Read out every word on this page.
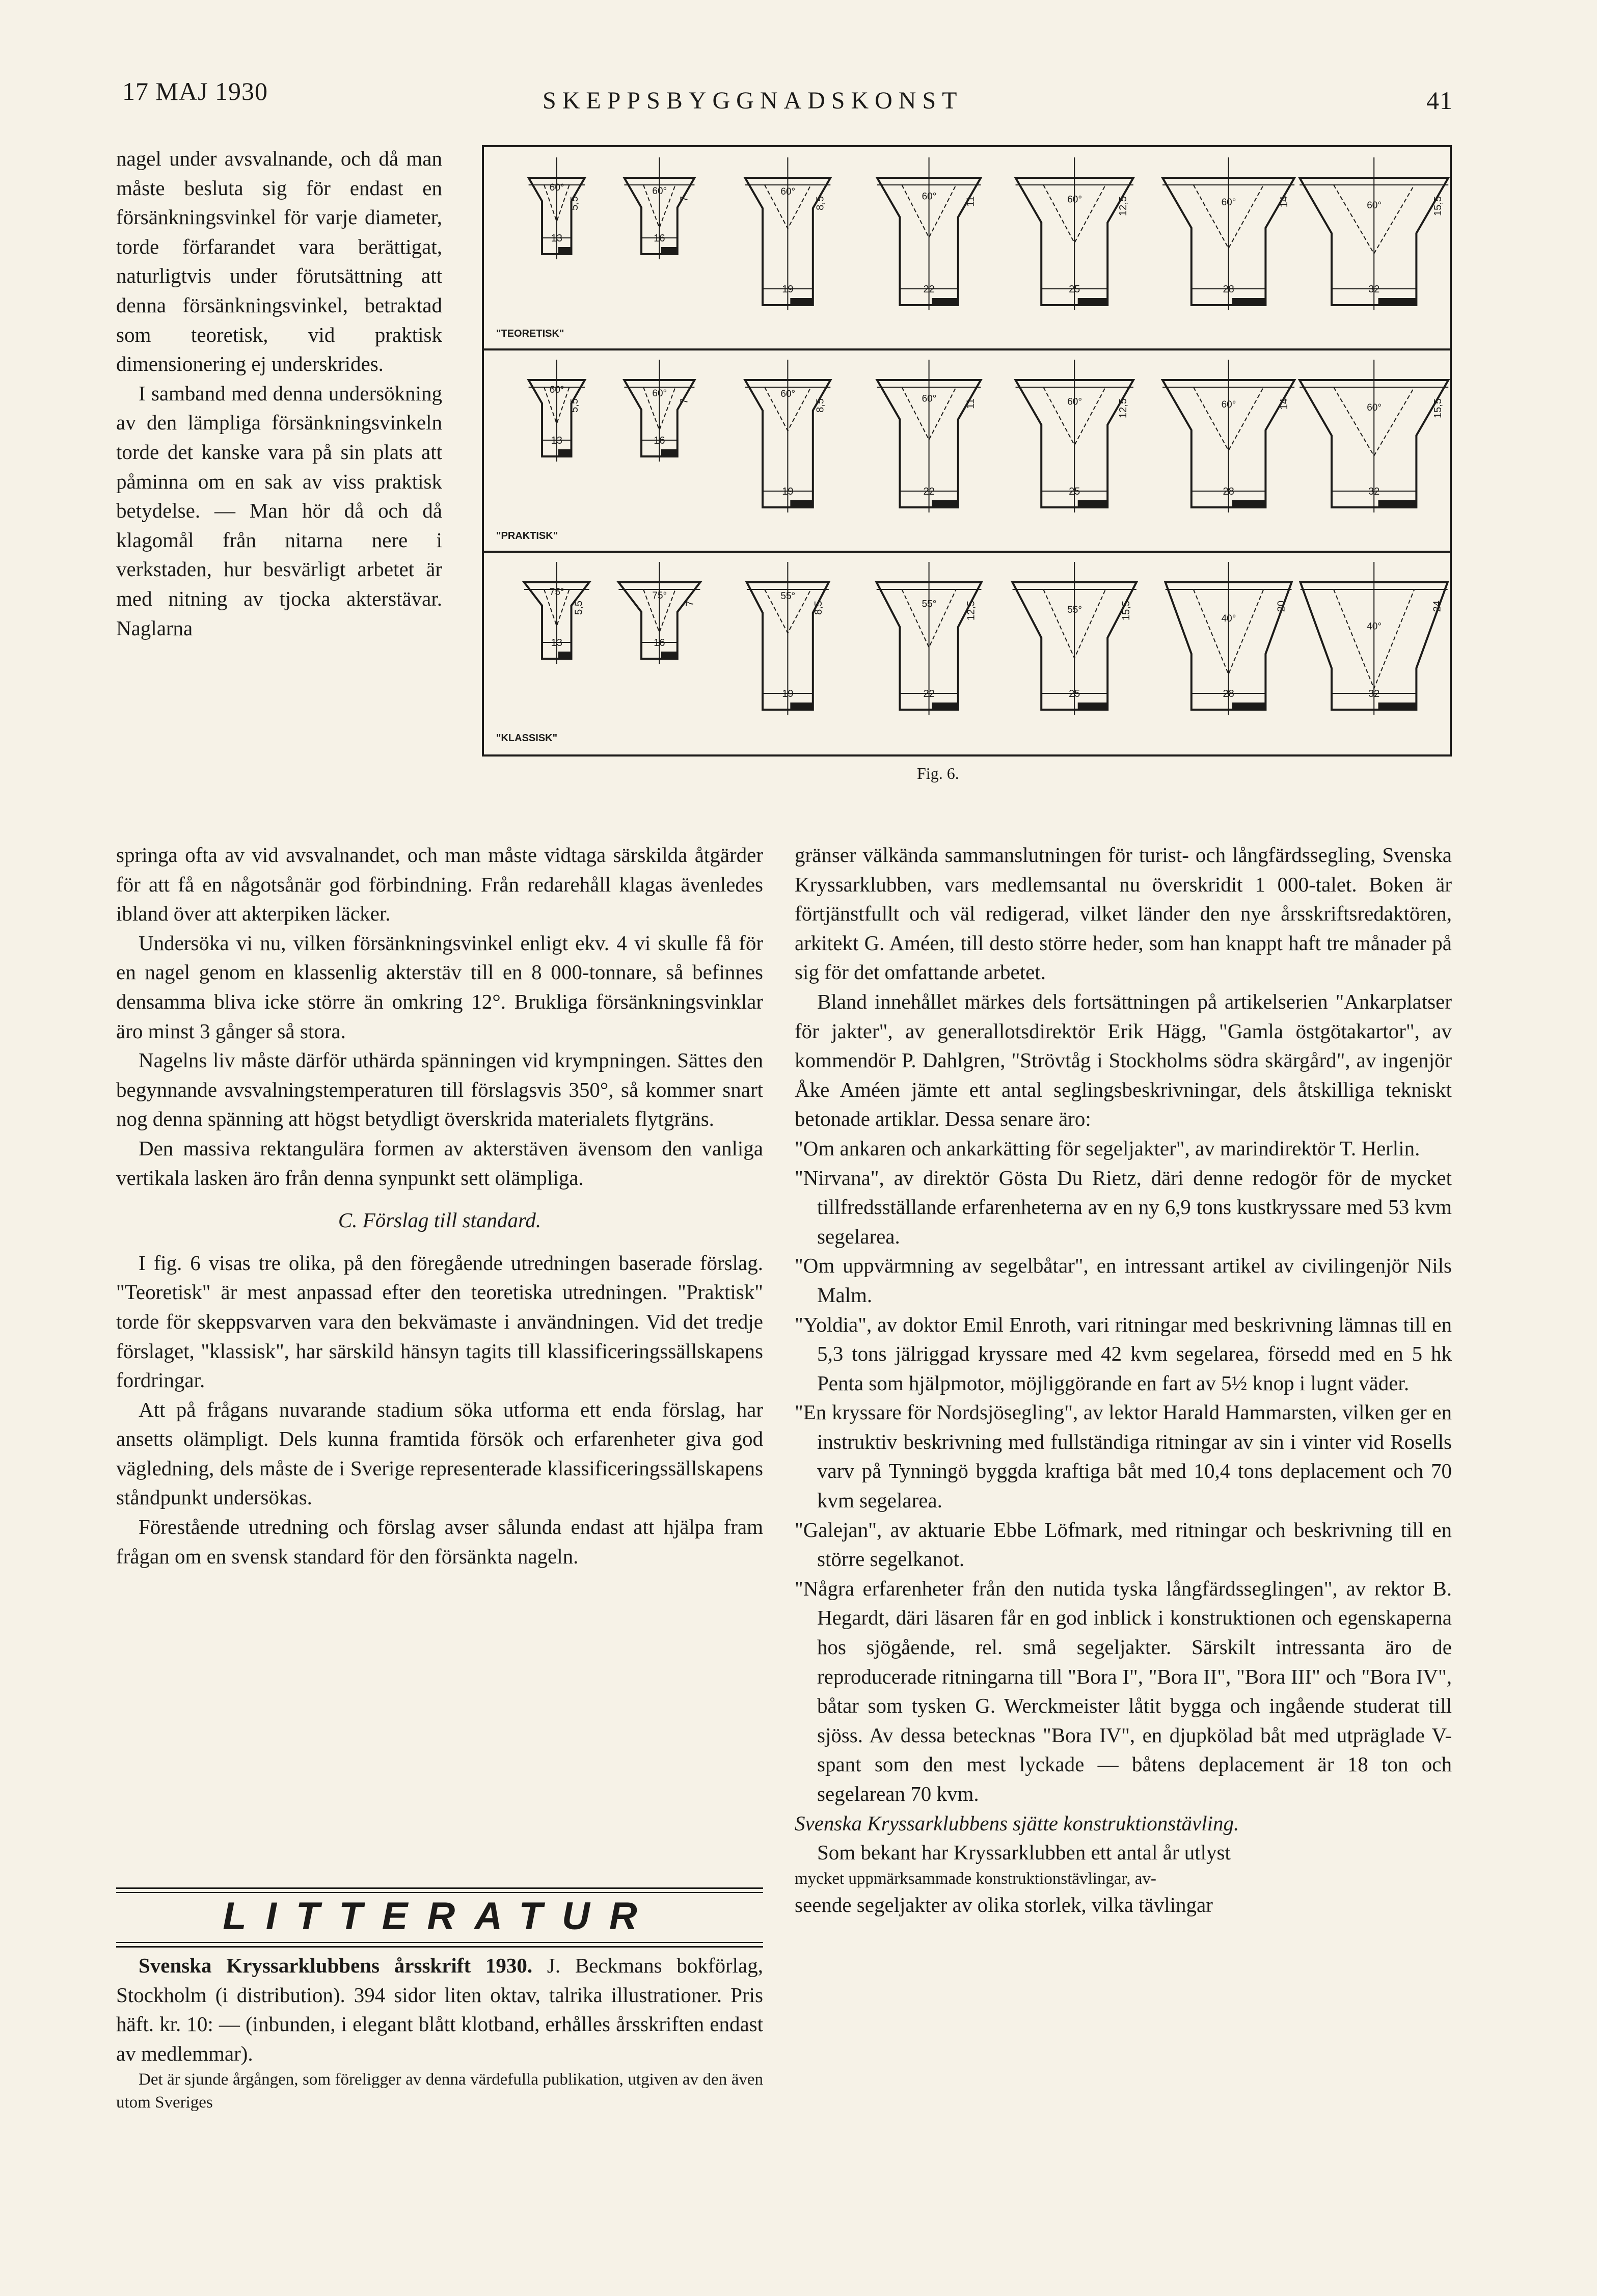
17 MAJ 1930	SKEPPSBYGGNADSKONST	41
"TEORETISK"
5,5
60°
13
7
60°
16
8,5
60°
19
11
60°
22
12,5
60°
25
14
60°
28
15,5
60°
32
"PRAKTISK"
5,5
60°
13
7
60°
16
8,5
60°
19
11
60°
22
12,5
60°
25
14
60°
28
15,5
60°
32
"KLASSISK"
5,5
75°
13
7
75°
16
8,5
55°
19
12,5
55°
22
15,5
55°
25
20
40°
28
24
40°
32
Fig. 6.

nagel under avsvalnande, och då man måste besluta sig för endast en försänkningsvinkel för varje diameter, torde förfarandet vara berättigat, naturligtvis under förutsättning att denna försänkningsvinkel, betraktad som teoretisk, vid praktisk dimensionering ej underskrides.

I samband med denna undersökning av den lämpliga försänkningsvinkeln torde det kanske vara på sin plats att påminna om en sak av viss praktisk betydelse. — Man hör då och då klagomål från nitarna nere i verkstaden, hur besvärligt arbetet är med nitning av tjocka akterstävar. Naglarna

springa ofta av vid avsvalnandet, och man måste vidtaga särskilda åtgärder för att få en någotsånär god förbindning. Från redarehåll klagas ävenledes ibland över att akterpiken läcker.

Undersöka vi nu, vilken försänkningsvinkel enligt ekv. 4 vi skulle få för en nagel genom en klassenlig akterstäv till en 8 000-tonnare, så befinnes densamma bliva icke större än omkring 12°. Brukliga försänkningsvinklar äro minst 3 gånger så stora.

Nagelns liv måste därför uthärda spänningen vid krympningen. Sättes den begynnande avsvalningstemperaturen till förslagsvis 350°, så kommer snart nog denna spänning att högst betydligt överskrida materialets flytgräns.

Den massiva rektangulära formen av akterstäven ävensom den vanliga vertikala lasken äro från denna synpunkt sett olämpliga.

C. Förslag till standard.

I fig. 6 visas tre olika, på den föregående utredningen baserade förslag. "Teoretisk" är mest anpassad efter den teoretiska utredningen. "Praktisk" torde för skeppsvarven vara den bekvämaste i användningen. Vid det tredje förslaget, "klassisk", har särskild hänsyn tagits till klassificeringssällskapens fordringar.

Att på frågans nuvarande stadium söka utforma ett enda förslag, har ansetts olämpligt. Dels kunna framtida försök och erfarenheter giva god vägledning, dels måste de i Sverige representerade klassificeringssällskapens ståndpunkt undersökas.

Förestående utredning och förslag avser sålunda endast att hjälpa fram frågan om en svensk standard för den försänkta nageln.

LITTERATUR

Svenska Kryssarklubbens årsskrift 1930. J. Beckmans bokförlag, Stockholm (i distribution). 394 sidor liten oktav, talrika illustrationer. Pris häft. kr. 10: — (inbunden, i elegant blått klotband, erhålles årsskriften endast av medlemmar).

Det är sjunde årgången, som föreligger av denna värdefulla publikation, utgiven av den även utom Sveriges

gränser välkända sammanslutningen för turist- och långfärdssegling, Svenska Kryssarklubben, vars medlemsantal nu överskridit 1 000-talet. Boken är förtjänstfullt och väl redigerad, vilket länder den nye årsskriftsredaktören, arkitekt G. Améen, till desto större heder, som han knappt haft tre månader på sig för det omfattande arbetet.

Bland innehållet märkes dels fortsättningen på artikelserien "Ankarplatser för jakter", av generallotsdirektör Erik Hägg, "Gamla östgötakartor", av kommendör P. Dahlgren, "Strövtåg i Stockholms södra skärgård", av ingenjör Åke Améen jämte ett antal seglingsbeskrivningar, dels åtskilliga tekniskt betonade artiklar. Dessa senare äro:

"Om ankaren och ankarkätting för segeljakter", av marindirektör T. Herlin.

"Nirvana", av direktör Gösta Du Rietz, däri denne redogör för de mycket tillfredsställande erfarenheterna av en ny 6,9 tons kustkryssare med 53 kvm segelarea.

"Om uppvärmning av segelbåtar", en intressant artikel av civilingenjör Nils Malm.

"Yoldia", av doktor Emil Enroth, vari ritningar med beskrivning lämnas till en 5,3 tons jälriggad kryssare med 42 kvm segelarea, försedd med en 5 hk Penta som hjälpmotor, möjliggörande en fart av 5½ knop i lugnt väder.

"En kryssare för Nordsjösegling", av lektor Harald Hammarsten, vilken ger en instruktiv beskrivning med fullständiga ritningar av sin i vinter vid Rosells varv på Tynningö byggda kraftiga båt med 10,4 tons deplacement och 70 kvm segelarea.

"Galejan", av aktuarie Ebbe Löfmark, med ritningar och beskrivning till en större segelkanot.

"Några erfarenheter från den nutida tyska långfärdsseglingen", av rektor B. Hegardt, däri läsaren får en god inblick i konstruktionen och egenskaperna hos sjögående, rel. små segeljakter. Särskilt intressanta äro de reproducerade ritningarna till "Bora I", "Bora II", "Bora III" och "Bora IV", båtar som tysken G. Werckmeister låtit bygga och ingående studerat till sjöss. Av dessa betecknas "Bora IV", en djupkölad båt med utpräglade V-spant som den mest lyckade — båtens deplacement är 18 ton och segelarean 70 kvm.

Svenska Kryssarklubbens sjätte konstruktionstävling.

Som bekant har Kryssarklubben ett antal år utlyst

mycket uppmärksammade konstruktionstävlingar, av-

seende segeljakter av olika storlek, vilka tävlingar
